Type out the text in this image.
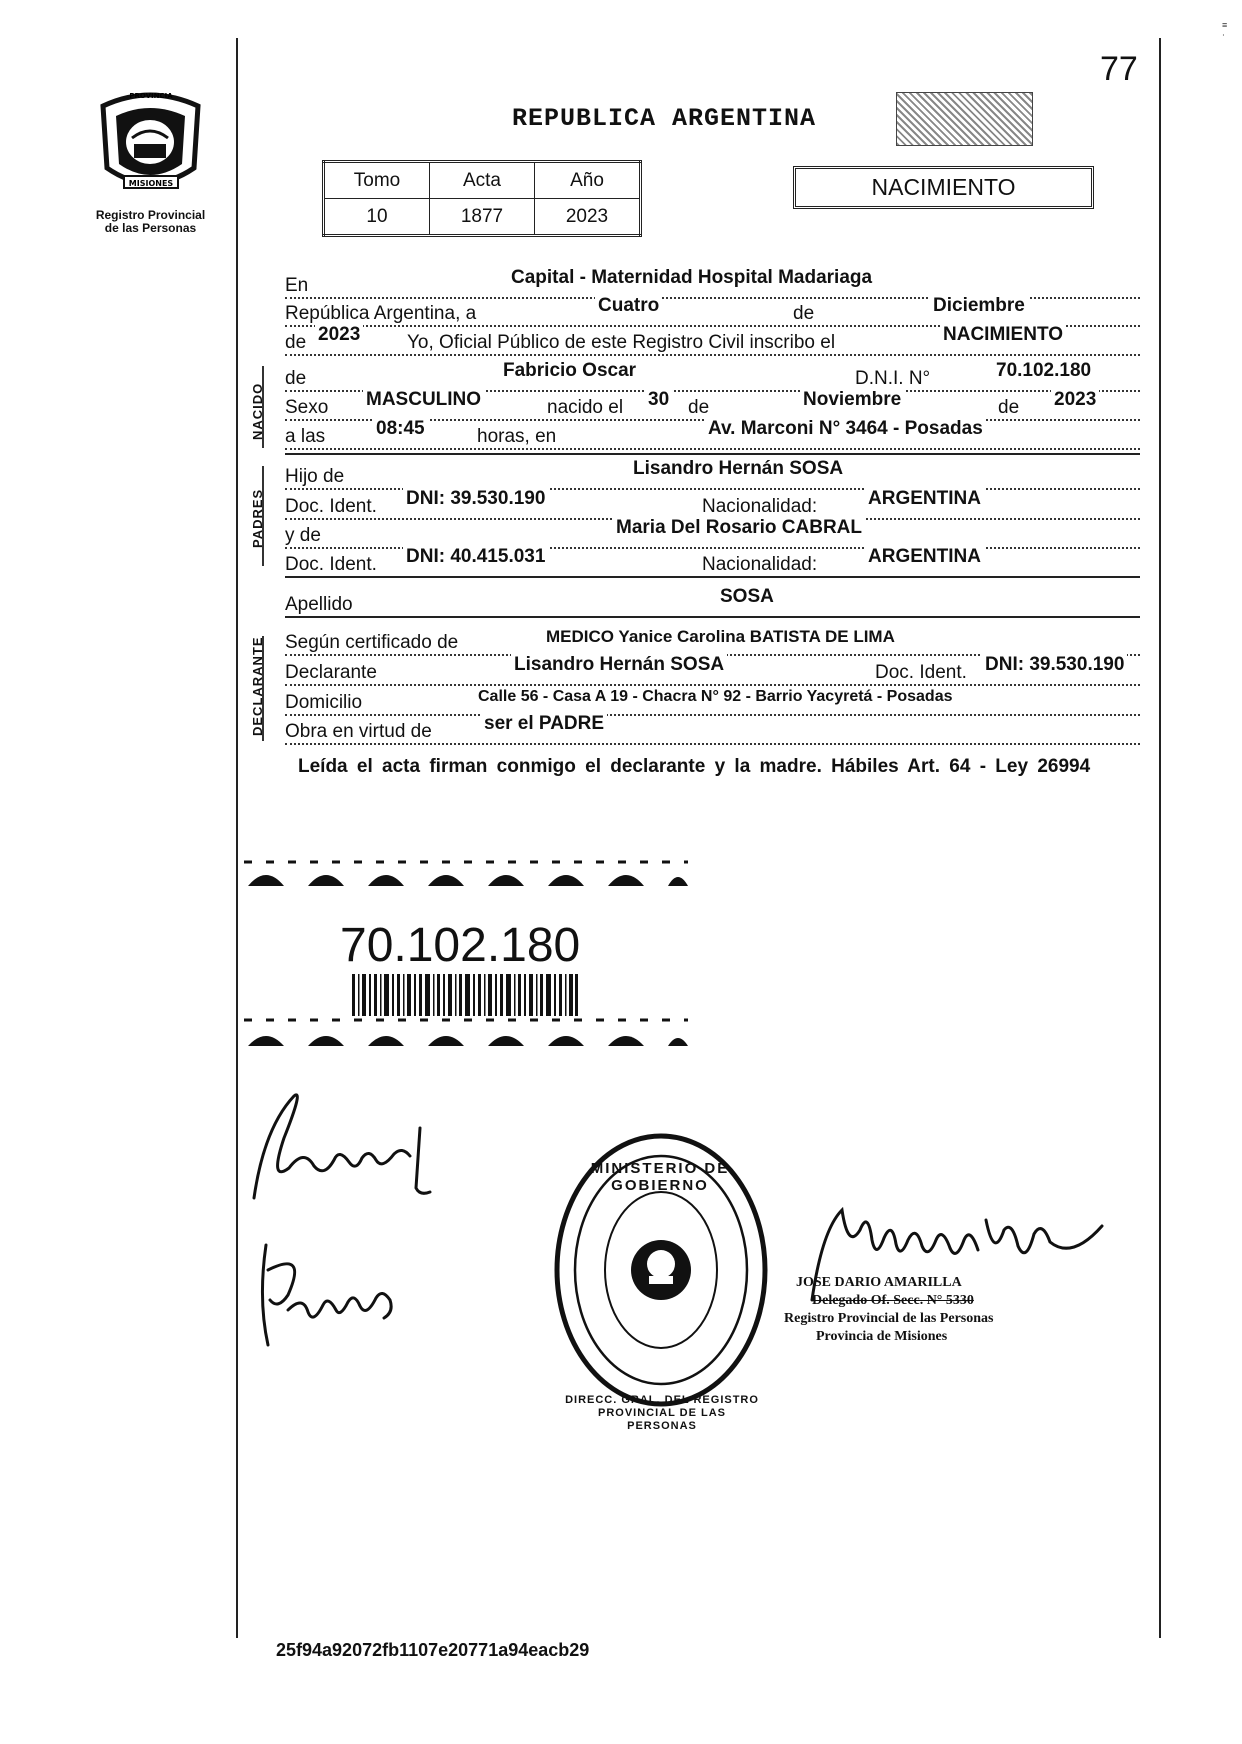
≡
⋅
MISIONES
PROVINCIA
Registro Provincial de las Personas
REPUBLICA ARGENTINA
77
Tomo	Acta	Año
10	1877	2023
NACIMIENTO
En	Capital - Maternidad Hospital Madariaga
República Argentina, a	Cuatro	de	Diciembre
de 2023 Yo, Oficial Público de este Registro Civil inscribo el	NACIMIENTO
NACIDO
de	Fabricio Oscar	D.N.I. N°	70.102.180
Sexo MASCULINO	nacido el 30 de	Noviembre	de 2023
a las	08:45	horas, en	Av. Marconi N° 3464 - Posadas
PADRES
Hijo de	Lisandro Hernán SOSA
Doc. Ident. DNI: 39.530.190	Nacionalidad:	ARGENTINA
y de	Maria Del Rosario CABRAL
Doc. Ident. DNI: 40.415.031	Nacionalidad:	ARGENTINA
Apellido	SOSA
DECLARANTE Según certificado de	MEDICO Yanice Carolina BATISTA DE LIMA
Declarante	Lisandro Hernán SOSA	Doc. Ident. DNI: 39.530.190
Domicilio	Calle 56 - Casa A 19 - Chacra N° 92 - Barrio Yacyretá - Posadas
Obra en virtud de	ser el PADRE
Leída el acta firman conmigo el declarante y la madre. Hábiles Art. 64 - Ley 26994
70.102.180
MINISTERIO DE GOBIERNO
DIRECC. GRAL. DEL REGISTRO PROVINCIAL DE LAS PERSONAS
JOSE DARIO AMARILLA
Delegado Of. Secc. N° 5330
Registro Provincial de las Personas
Provincia de Misiones
25f94a92072fb1107e20771a94eacb29
